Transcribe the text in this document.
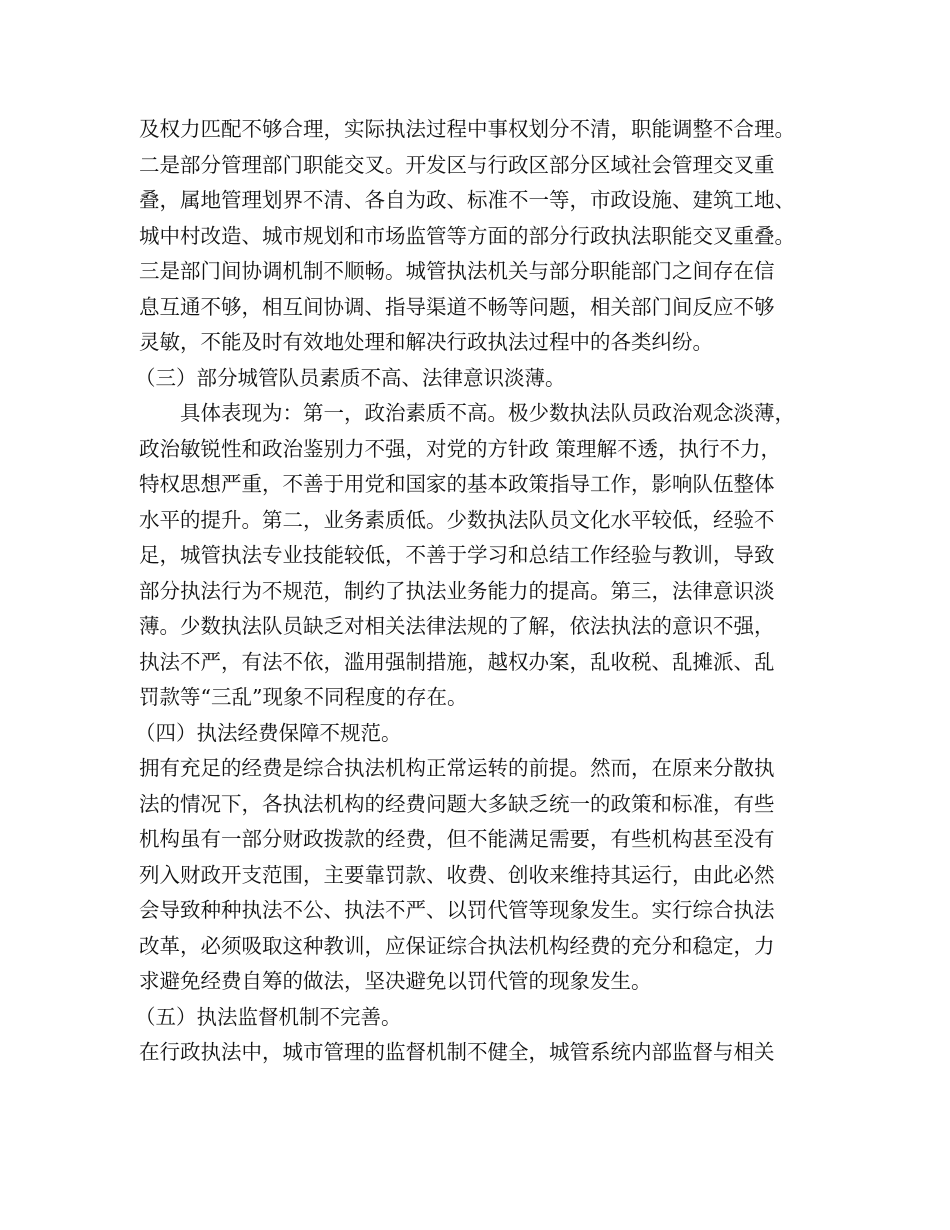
及权力匹配不够合理，实际执法过程中事权划分不清，职能调整不合理。
二是部分管理部门职能交叉。开发区与行政区部分区域社会管理交叉重
叠，属地管理划界不清、各自为政、标准不一等，市政设施、建筑工地、
城中村改造、城市规划和市场监管等方面的部分行政执法职能交叉重叠。
三是部门间协调机制不顺畅。城管执法机关与部分职能部门之间存在信
息互通不够，相互间协调、指导渠道不畅等问题，相关部门间反应不够
灵敏，不能及时有效地处理和解决行政执法过程中的各类纠纷。
（三）部分城管队员素质不高、法律意识淡薄。
　　具体表现为：第一，政治素质不高。极少数执法队员政治观念淡薄，
政治敏锐性和政治鉴别力不强，对党的方针政 策理解不透，执行不力，
特权思想严重，不善于用党和国家的基本政策指导工作，影响队伍整体
水平的提升。第二，业务素质低。少数执法队员文化水平较低，经验不
足，城管执法专业技能较低，不善于学习和总结工作经验与教训，导致
部分执法行为不规范，制约了执法业务能力的提高。第三，法律意识淡
薄。少数执法队员缺乏对相关法律法规的了解，依法执法的意识不强，
执法不严，有法不依，滥用强制措施，越权办案，乱收税、乱摊派、乱
罚款等“三乱”现象不同程度的存在。
（四）执法经费保障不规范。
拥有充足的经费是综合执法机构正常运转的前提。然而，在原来分散执
法的情况下，各执法机构的经费问题大多缺乏统一的政策和标准，有些
机构虽有一部分财政拨款的经费，但不能满足需要，有些机构甚至没有
列入财政开支范围，主要靠罚款、收费、创收来维持其运行，由此必然
会导致种种执法不公、执法不严、以罚代管等现象发生。实行综合执法
改革，必须吸取这种教训，应保证综合执法机构经费的充分和稳定，力
求避免经费自筹的做法，坚决避免以罚代管的现象发生。
（五）执法监督机制不完善。
在行政执法中，城市管理的监督机制不健全，城管系统内部监督与相关
